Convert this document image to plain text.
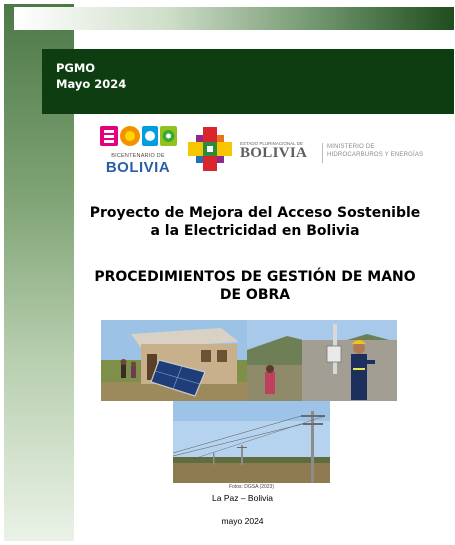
PGMO
Mayo 2024
BICENTENARIO DE
BOLIVIA
ESTADO PLURINACIONAL DE
BOLIVIA	MINISTERIO DE
HIDROCARBUROS Y ENERGÍAS
Proyecto de Mejora del Acceso Sostenible
a la Electricidad en Bolivia
PROCEDIMIENTOS DE GESTIÓN DE MANO
DE OBRA
Fotos: DGSA (2023)
La Paz – Bolivia
mayo 2024
